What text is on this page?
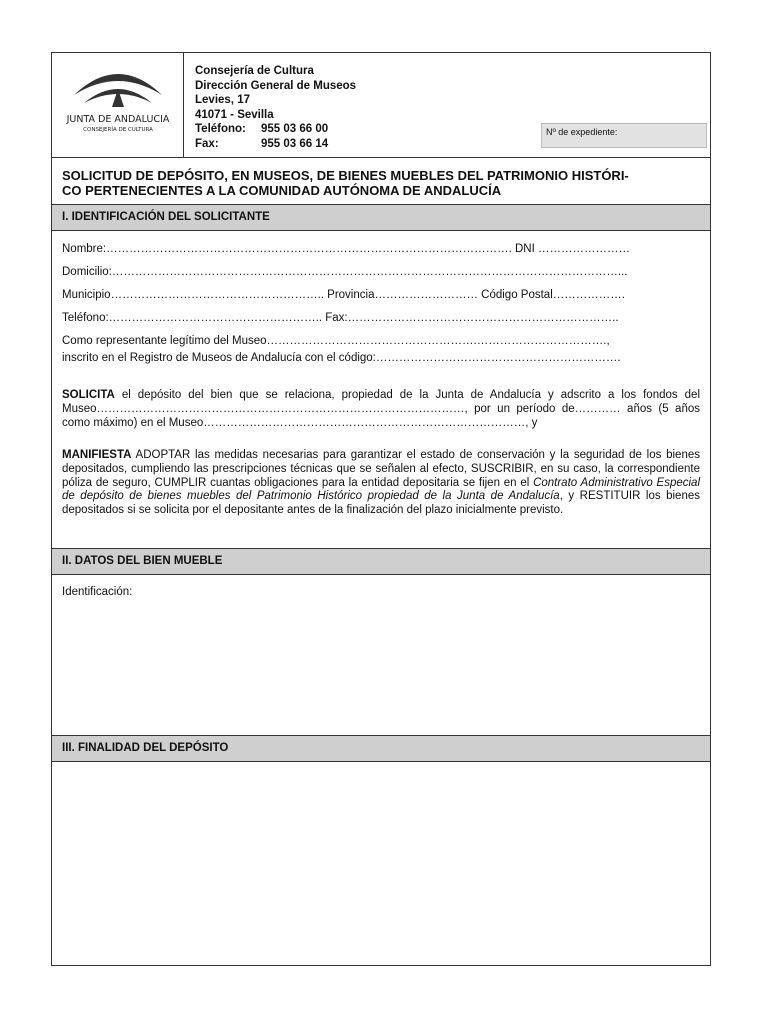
JUNTA DE ANDALUCIA
CONSEJERÍA DE CULTURA
Consejería de Cultura
Dirección General de Museos
Levies, 17
41071 - Sevilla
Teléfono:	955 03 66 00
Fax:	955 03 66 14
Nº de expediente:
SOLICITUD DE DEPÓSITO, EN MUSEOS, DE BIENES MUEBLES DEL PATRIMONIO HISTÓRI-
CO PERTENECIENTES A LA COMUNIDAD AUTÓNOMA DE ANDALUCÍA
I. IDENTIFICACIÓN DEL SOLICITANTE
Nombre:……………………………………………………………………………………………. DNI ……………………
Domicilio:……………………………………………………………………………………………………………………...
Municipio……………………………………………….. Provincia……………………… Código Postal……………….
Teléfono:……………………………………………….. Fax:……………………………………………………………..
Como representante legítimo del Museo……………………………………………….…………………………….,
inscrito en el Registro de Museos de Andalucía con el código:……………………………………………………….
SOLICITA el depósito del bien que se relaciona, propiedad de la Junta de Andalucía y adscrito a los fondos del Museo……………………………………………………………………………………, por un período de………… años (5 años como máximo) en el Museo…………………………………………………………………………, y
MANIFIESTA ADOPTAR las medidas necesarias para garantizar el estado de conservación y la seguridad de los bienes depositados, cumpliendo las prescripciones técnicas que se señalen al efecto, SUSCRIBIR, en su caso, la correspondiente póliza de seguro, CUMPLIR cuantas obligaciones para la entidad depositaria se fijen en el Contrato Administrativo Especial de depósito de bienes muebles del Patrimonio Histórico propiedad de la Junta de Andalucía, y RESTITUIR los bienes depositados si se solicita por el depositante antes de la finalización del plazo inicialmente previsto.
II. DATOS DEL BIEN MUEBLE
Identificación:
III. FINALIDAD DEL DEPÓSITO
